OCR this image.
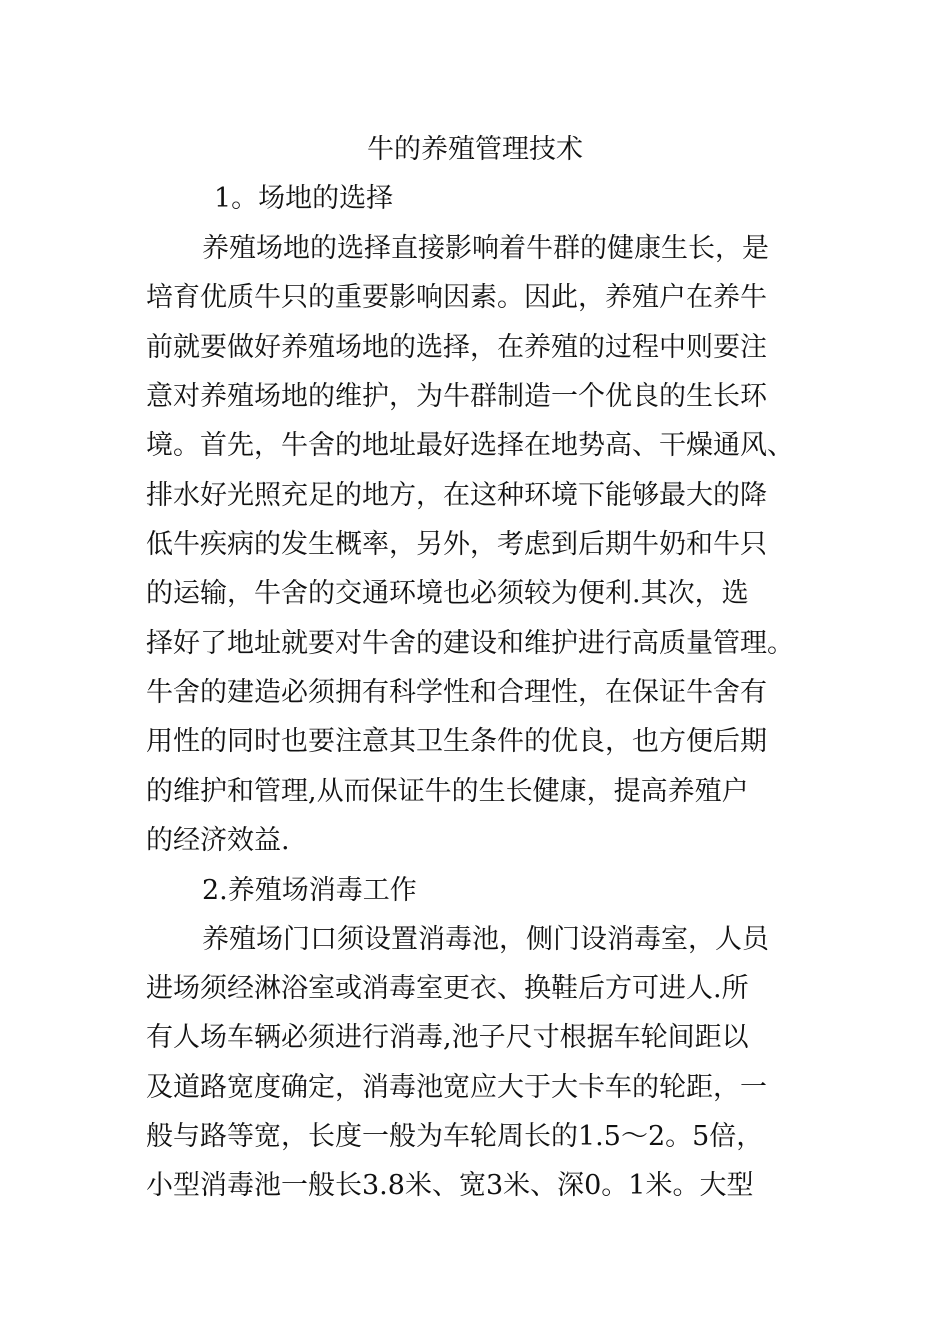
牛的养殖管理技术
1。场地的选择
养殖场地的选择直接影响着牛群的健康生长，是
培育优质牛只的重要影响因素。因此，养殖户在养牛
前就要做好养殖场地的选择，在养殖的过程中则要注
意对养殖场地的维护，为牛群制造一个优良的生长环
境。首先，牛舍的地址最好选择在地势高、干燥通风、
排水好光照充足的地方，在这种环境下能够最大的降
低牛疾病的发生概率，另外，考虑到后期牛奶和牛只
的运输，牛舍的交通环境也必须较为便利.其次，选
择好了地址就要对牛舍的建设和维护进行高质量管理。
牛舍的建造必须拥有科学性和合理性，在保证牛舍有
用性的同时也要注意其卫生条件的优良，也方便后期
的维护和管理,从而保证牛的生长健康，提高养殖户
的经济效益.
2.养殖场消毒工作
养殖场门口须设置消毒池，侧门设消毒室，人员
进场须经淋浴室或消毒室更衣、换鞋后方可进人.所
有人场车辆必须进行消毒,池子尺寸根据车轮间距以
及道路宽度确定，消毒池宽应大于大卡车的轮距，一
般与路等宽，长度一般为车轮周长的1.5～2。5倍，
小型消毒池一般长3.8米、宽3米、深0。1米。大型
